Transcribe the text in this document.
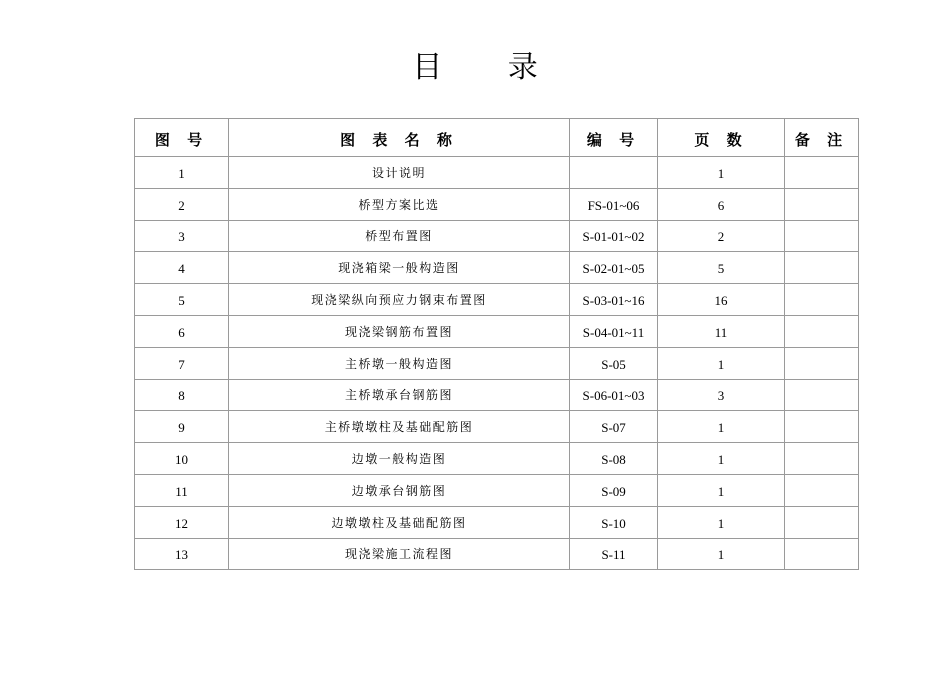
目 录
图 号	图 表 名 称	编 号	页 数	备 注
1	设计说明		1	
2	桥型方案比选	FS-01~06	6	
3	桥型布置图	S-01-01~02	2	
4	现浇箱梁一般构造图	S-02-01~05	5	
5	现浇梁纵向预应力钢束布置图	S-03-01~16	16	
6	现浇梁钢筋布置图	S-04-01~11	11	
7	主桥墩一般构造图	S-05	1	
8	主桥墩承台钢筋图	S-06-01~03	3	
9	主桥墩墩柱及基础配筋图	S-07	1	
10	边墩一般构造图	S-08	1	
11	边墩承台钢筋图	S-09	1	
12	边墩墩柱及基础配筋图	S-10	1	
13	现浇梁施工流程图	S-11	1	
